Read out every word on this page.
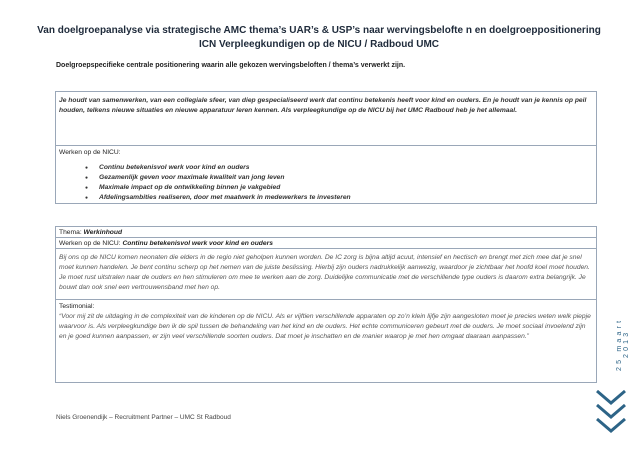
Van doelgroepanalyse via strategische AMC thema’s UAR’s & USP’s naar wervingsbelofte n en doelgroeppositionering
ICN Verpleegkundigen op de NICU / Radboud UMC
Doelgroepspecifieke centrale positionering waarin alle gekozen wervingsbeloften / thema’s verwerkt zijn.
Je houdt van samenwerken, van een collegiale sfeer, van diep gespecialiseerd werk dat continu betekenis heeft voor kind en ouders. En je houdt van je kennis op peil houden, telkens nieuwe situaties en nieuwe apparatuur leren kennen. Als verpleegkundige op de NICU bij het UMC Radboud heb je het allemaal.
Werken op de NICU:
● Continu betekenisvol werk voor kind en ouders
● Gezamenlijk geven voor maximale kwaliteit van jong leven
● Maximale impact op de ontwikkeling binnen je vakgebied
● Afdelingsambities realiseren, door met maatwerk in medewerkers te investeren
Thema: Werkinhoud
Werken op de NICU: Continu betekenisvol werk voor kind en ouders
Bij ons op de NICU komen neonaten die elders in de regio niet geholpen kunnen worden. De IC zorg is bijna altijd acuut, intensief en hectisch en brengt met zich mee dat je snel moet kunnen handelen. Je bent continu scherp op het nemen van de juiste beslissing. Hierbij zijn ouders nadrukkelijk aanwezig, waardoor je zichtbaar het hoofd koel moet houden. Je moet rust uitstralen naar de ouders en hen stimuleren om mee te werken aan de zorg. Duidelijke communicatie met de verschillende type ouders is daarom extra belangrijk. Je bouwt dan ook snel een vertrouwensband met hen op.
Testimonial:
“Voor mij zit de uitdaging in de complexiteit van de kinderen op de NICU. Als er vijftien verschillende apparaten op zo’n klein lijfje zijn aangesloten moet je precies weten welk piepje waarvoor is. Als verpleegkundige ben ik de spil tussen de behandeling van het kind en de ouders. Het echte communiceren gebeurt met de ouders. Je moet sociaal invoelend zijn en je goed kunnen aanpassen, er zijn veel verschillende soorten ouders. Dat moet je inschatten en de manier waarop je met hen omgaat daaraan aanpassen.”	25 maart 2013
Niels Groenendijk – Recruitment Partner – UMC St Radboud
